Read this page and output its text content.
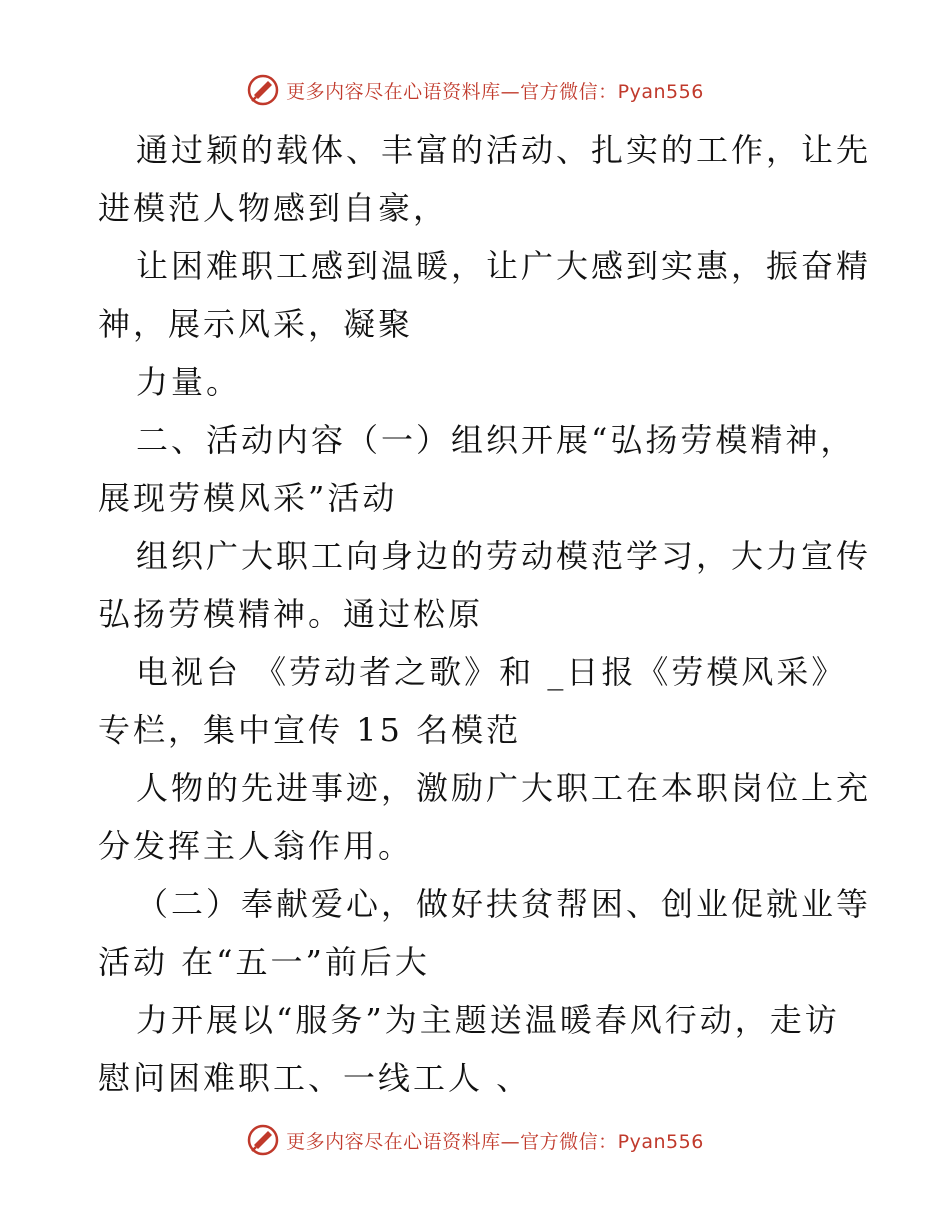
更多内容尽在心语资料库—官方微信：Pyan556
通过颖的载体、丰富的活动、扎实的工作，让先
进模范人物感到自豪，
让困难职工感到温暖，让广大感到实惠，振奋精
神，展示风采，凝聚
力量。
二、活动内容（一）组织开展“弘扬劳模精神，
展现劳模风采”活动
组织广大职工向身边的劳动模范学习，大力宣传
弘扬劳模精神。通过松原
电视台 《劳动者之歌》和 _日报《劳模风采》
专栏，集中宣传 15 名模范
人物的先进事迹，激励广大职工在本职岗位上充
分发挥主人翁作用。
（二）奉献爱心，做好扶贫帮困、创业促就业等
活动 在“五一”前后大
力开展以“服务”为主题送温暖春风行动，走访
慰问困难职工、一线工人 、
更多内容尽在心语资料库—官方微信：Pyan556
